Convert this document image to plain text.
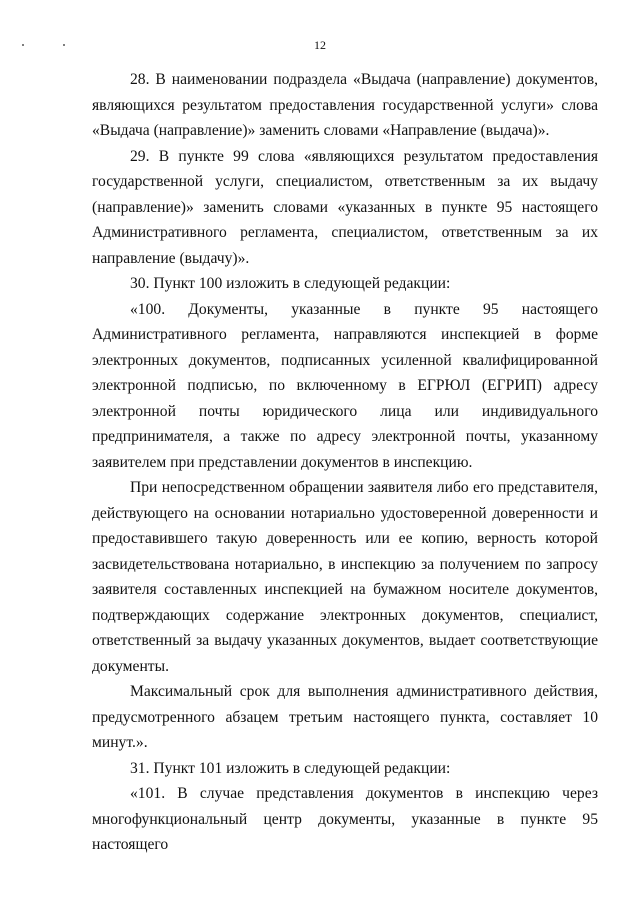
12

28. В наименовании подраздела «Выдача (направление) документов, являющихся результатом предоставления государственной услуги» слова «Выдача (направление)» заменить словами «Направление (выдача)».

29. В пункте 99 слова «являющихся результатом предоставления государственной услуги, специалистом, ответственным за их выдачу (направление)» заменить словами «указанных в пункте 95 настоящего Административного регламента, специалистом, ответственным за их направление (выдачу)».

30. Пункт 100 изложить в следующей редакции:

«100. Документы, указанные в пункте 95 настоящего Административного регламента, направляются инспекцией в форме электронных документов, подписанных усиленной квалифицированной электронной подписью, по включенному в ЕГРЮЛ (ЕГРИП) адресу электронной почты юридического лица или индивидуального предпринимателя, а также по адресу электронной почты, указанному заявителем при представлении документов в инспекцию.

При непосредственном обращении заявителя либо его представителя, действующего на основании нотариально удостоверенной доверенности и предоставившего такую доверенность или ее копию, верность которой засвидетельствована нотариально, в инспекцию за получением по запросу заявителя составленных инспекцией на бумажном носителе документов, подтверждающих содержание электронных документов, специалист, ответственный за выдачу указанных документов, выдает соответствующие документы.

Максимальный срок для выполнения административного действия, предусмотренного абзацем третьим настоящего пункта, составляет 10 минут.».

31. Пункт 101 изложить в следующей редакции:

«101. В случае представления документов в инспекцию через многофункциональный центр документы, указанные в пункте 95 настоящего
